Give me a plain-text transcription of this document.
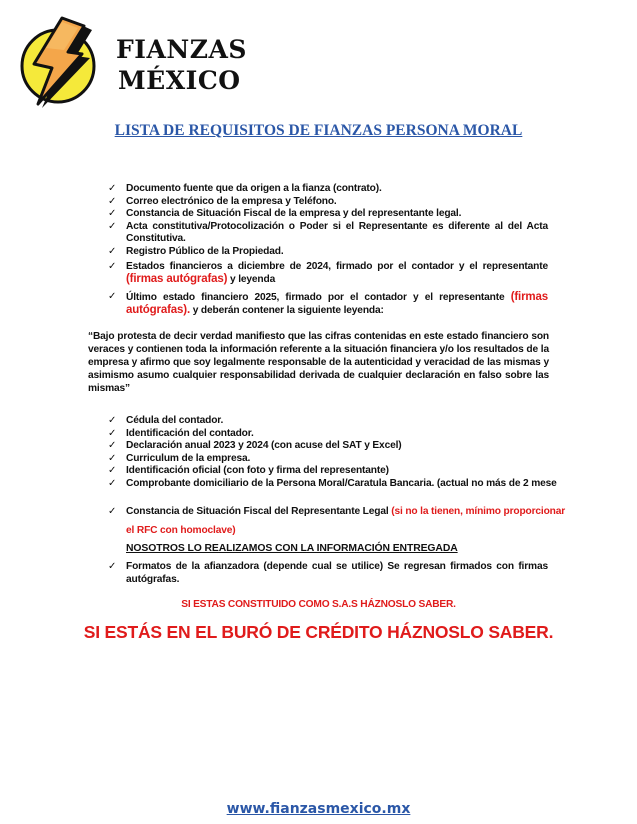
FIANZAS
MÉXICO
LISTA DE REQUISITOS DE FIANZAS PERSONA MORAL
✓ Documento fuente que da origen a la fianza (contrato).
✓ Correo electrónico de la empresa y Teléfono.
✓ Constancia de Situación Fiscal de la empresa y del representante legal.
✓ Acta constitutiva/Protocolización o Poder si el Representante es diferente al del Acta Constitutiva.
✓ Registro Público de la Propiedad.
✓ Estados financieros a diciembre de 2024, firmado por el contador y el representante (firmas autógrafas) y leyenda
✓ Último estado financiero 2025, firmado por el contador y el representante (firmas autógrafas). y deberán contener la siguiente leyenda:
“Bajo protesta de decir verdad manifiesto que las cifras contenidas en este estado financiero son veraces y contienen toda la información referente a la situación financiera y/o los resultados de la empresa y afirmo que soy legalmente responsable de la autenticidad y veracidad de las mismas y asimismo asumo cualquier responsabilidad derivada de cualquier declaración en falso sobre las mismas”
✓ Cédula del contador.
✓ Identificación del contador.
✓ Declaración anual 2023 y 2024 (con acuse del SAT y Excel)
✓ Curriculum de la empresa.
✓ Identificación oficial (con foto y firma del representante)
✓ Comprobante domiciliario de la Persona Moral/Caratula Bancaria. (actual no más de 2 mese
✓ Constancia de Situación Fiscal del Representante Legal (si no la tienen, mínimo proporcionar el RFC con homoclave)
NOSOTROS LO REALIZAMOS CON LA INFORMACIÓN ENTREGADA
✓ Formatos de la afianzadora (depende cual se utilice) Se regresan firmados con firmas autógrafas.
SI ESTAS CONSTITUIDO COMO S.A.S HÁZNOSLO SABER.
SI ESTÁS EN EL BURÓ DE CRÉDITO HÁZNOSLO SABER.
www.fianzasmexico.mx
